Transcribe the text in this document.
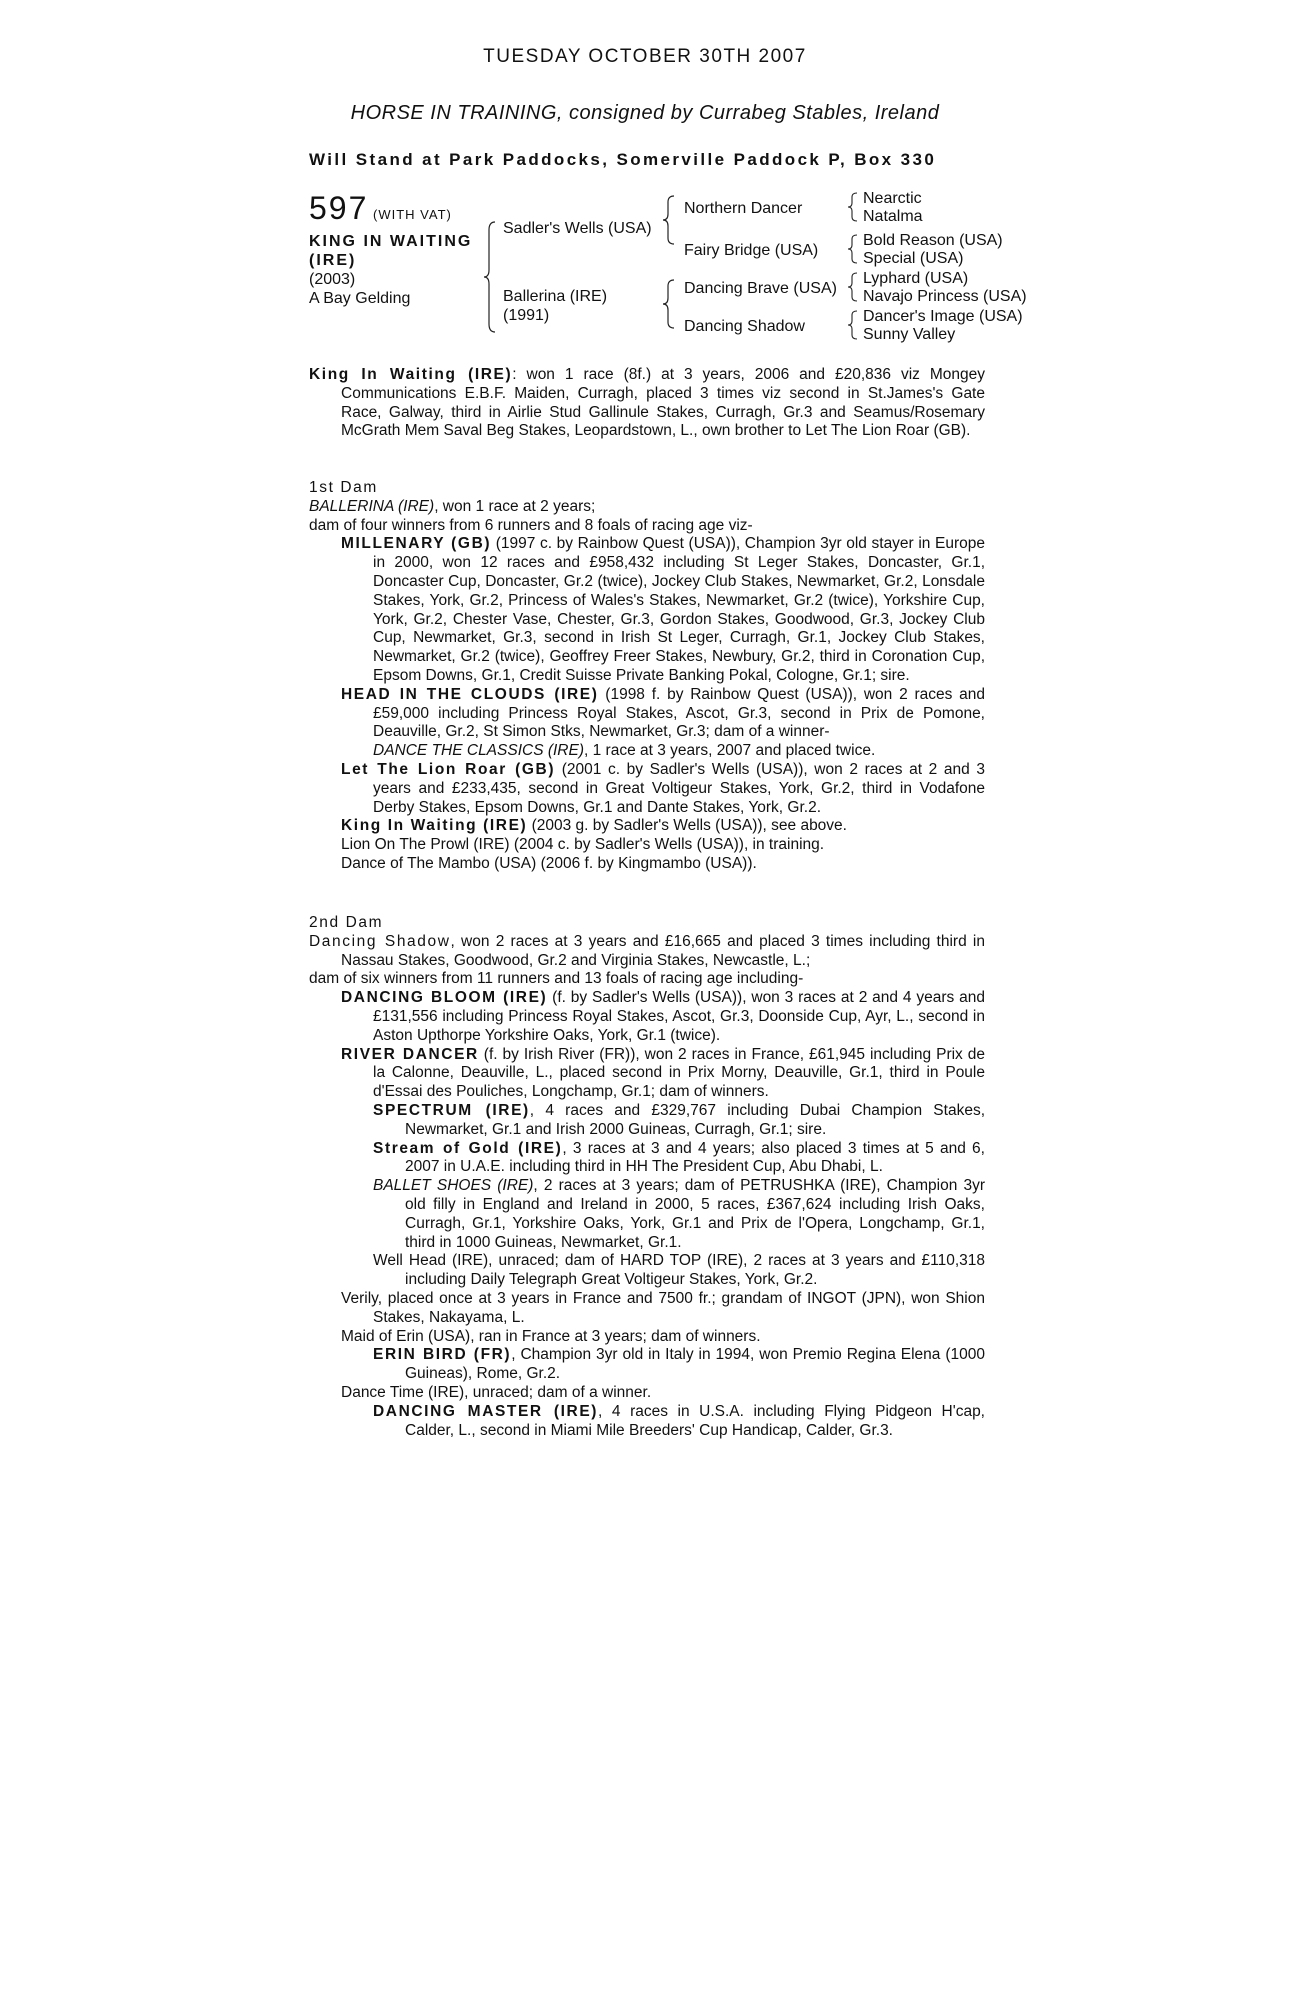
TUESDAY OCTOBER 30TH 2007
HORSE IN TRAINING, consigned by Currabeg Stables, Ireland
Will Stand at Park Paddocks, Somerville Paddock P, Box 330
597 (WITH VAT)
KING IN WAITING
(IRE)
(2003)
A Bay Gelding
Sadler's Wells (USA)
Ballerina (IRE)
(1991)
Northern Dancer
Fairy Bridge (USA)
Dancing Brave (USA)
Dancing Shadow
Nearctic
Natalma
Bold Reason (USA)
Special (USA)
Lyphard (USA)
Navajo Princess (USA)
Dancer's Image (USA)
Sunny Valley

King In Waiting (IRE): won 1 race (8f.) at 3 years, 2006 and £20,836 viz Mongey Communications E.B.F. Maiden, Curragh, placed 3 times viz second in St.James's Gate Race, Galway, third in Airlie Stud Gallinule Stakes, Curragh, Gr.3 and Seamus/Rosemary McGrath Mem Saval Beg Stakes, Leopardstown, L., own brother to Let The Lion Roar (GB).

1st Dam

BALLERINA (IRE), won 1 race at 2 years;

dam of four winners from 6 runners and 8 foals of racing age viz-

MILLENARY (GB) (1997 c. by Rainbow Quest (USA)), Champion 3yr old stayer in Europe in 2000, won 12 races and £958,432 including St Leger Stakes, Doncaster, Gr.1, Doncaster Cup, Doncaster, Gr.2 (twice), Jockey Club Stakes, Newmarket, Gr.2, Lonsdale Stakes, York, Gr.2, Princess of Wales's Stakes, Newmarket, Gr.2 (twice), Yorkshire Cup, York, Gr.2, Chester Vase, Chester, Gr.3, Gordon Stakes, Goodwood, Gr.3, Jockey Club Cup, Newmarket, Gr.3, second in Irish St Leger, Curragh, Gr.1, Jockey Club Stakes, Newmarket, Gr.2 (twice), Geoffrey Freer Stakes, Newbury, Gr.2, third in Coronation Cup, Epsom Downs, Gr.1, Credit Suisse Private Banking Pokal, Cologne, Gr.1; sire.

HEAD IN THE CLOUDS (IRE) (1998 f. by Rainbow Quest (USA)), won 2 races and £59,000 including Princess Royal Stakes, Ascot, Gr.3, second in Prix de Pomone, Deauville, Gr.2, St Simon Stks, Newmarket, Gr.3; dam of a winner-

DANCE THE CLASSICS (IRE), 1 race at 3 years, 2007 and placed twice.

Let The Lion Roar (GB) (2001 c. by Sadler's Wells (USA)), won 2 races at 2 and 3 years and £233,435, second in Great Voltigeur Stakes, York, Gr.2, third in Vodafone Derby Stakes, Epsom Downs, Gr.1 and Dante Stakes, York, Gr.2.

King In Waiting (IRE) (2003 g. by Sadler's Wells (USA)), see above.

Lion On The Prowl (IRE) (2004 c. by Sadler's Wells (USA)), in training.

Dance of The Mambo (USA) (2006 f. by Kingmambo (USA)).

2nd Dam

Dancing Shadow, won 2 races at 3 years and £16,665 and placed 3 times including third in Nassau Stakes, Goodwood, Gr.2 and Virginia Stakes, Newcastle, L.;

dam of six winners from 11 runners and 13 foals of racing age including-

DANCING BLOOM (IRE) (f. by Sadler's Wells (USA)), won 3 races at 2 and 4 years and £131,556 including Princess Royal Stakes, Ascot, Gr.3, Doonside Cup, Ayr, L., second in Aston Upthorpe Yorkshire Oaks, York, Gr.1 (twice).

RIVER DANCER (f. by Irish River (FR)), won 2 races in France, £61,945 including Prix de la Calonne, Deauville, L., placed second in Prix Morny, Deauville, Gr.1, third in Poule d'Essai des Pouliches, Longchamp, Gr.1; dam of winners.

SPECTRUM (IRE), 4 races and £329,767 including Dubai Champion Stakes, Newmarket, Gr.1 and Irish 2000 Guineas, Curragh, Gr.1; sire.

Stream of Gold (IRE), 3 races at 3 and 4 years; also placed 3 times at 5 and 6, 2007 in U.A.E. including third in HH The President Cup, Abu Dhabi, L.

BALLET SHOES (IRE), 2 races at 3 years; dam of PETRUSHKA (IRE), Champion 3yr old filly in England and Ireland in 2000, 5 races, £367,624 including Irish Oaks, Curragh, Gr.1, Yorkshire Oaks, York, Gr.1 and Prix de l'Opera, Longchamp, Gr.1, third in 1000 Guineas, Newmarket, Gr.1.

Well Head (IRE), unraced; dam of HARD TOP (IRE), 2 races at 3 years and £110,318 including Daily Telegraph Great Voltigeur Stakes, York, Gr.2.

Verily, placed once at 3 years in France and 7500 fr.; grandam of INGOT (JPN), won Shion Stakes, Nakayama, L.

Maid of Erin (USA), ran in France at 3 years; dam of winners.

ERIN BIRD (FR), Champion 3yr old in Italy in 1994, won Premio Regina Elena (1000 Guineas), Rome, Gr.2.

Dance Time (IRE), unraced; dam of a winner.

DANCING MASTER (IRE), 4 races in U.S.A. including Flying Pidgeon H'cap, Calder, L., second in Miami Mile Breeders' Cup Handicap, Calder, Gr.3.
